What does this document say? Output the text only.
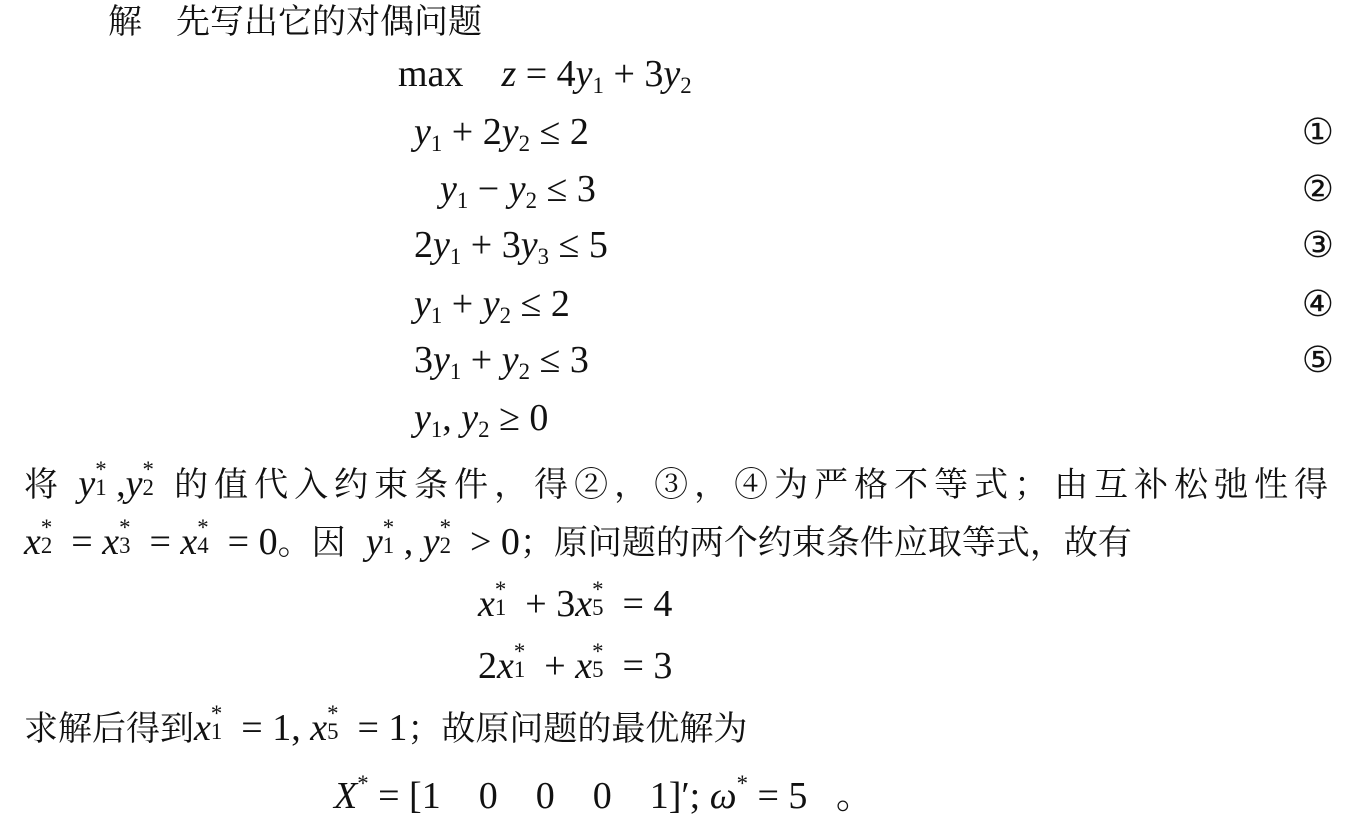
解　先写出它的对偶问题
$\max z = 4y_1 + 3y_2$
$y_1 + 2y_2 \le 2$	①
$y_1 - y_2 \le 3$	②
$2y_1 + 3y_3 \le 5$	③
$y_1 + y_2 \le 2$	④
$3y_1 + y_2 \le 3$	⑤
$y_1$, $y_2 \ge 0$
将  y *
1 ,y *
2 的值代入约束条件，得②，③，④为严格不等式；由互补松弛性得
x *
2 = x *
3 = x *
4 = 0。因 y *
1 , y *
2 > 0；原问题的两个约束条件应取等式，故有
x *
1 + 3x *
5 = 4
2x *
1 + x *
5 = 3
求解后得到x *
1 = 1, x *
5 = 1；故原问题的最优解为
X* = [1    0    0    0    1]′; ω* = 5   。
